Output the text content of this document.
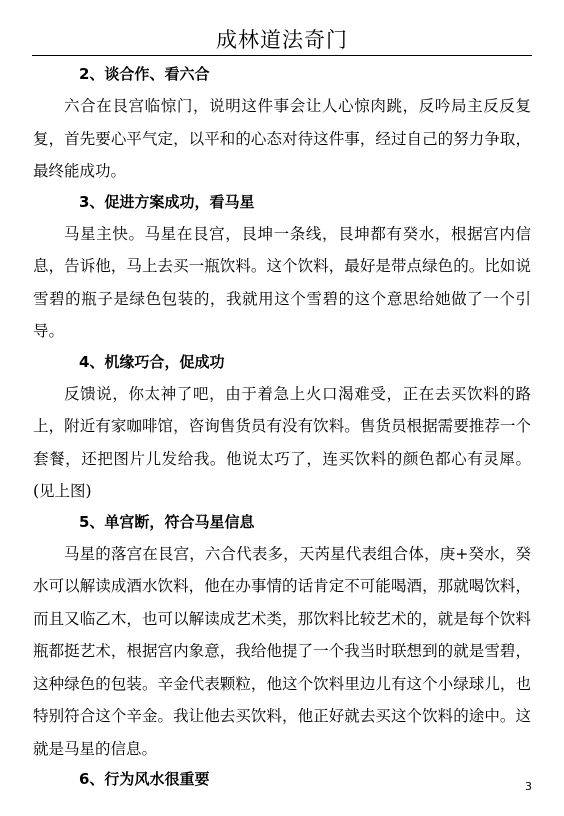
成林道法奇门
2、谈合作、看六合

六合在艮宫临惊门，说明这件事会让人心惊肉跳，反吟局主反反复复，首先要心平气定，以平和的心态对待这件事，经过自己的努力争取，最终能成功。

3、促进方案成功，看马星

马星主快。马星在艮宫，艮坤一条线，艮坤都有癸水，根据宫内信息，告诉他，马上去买一瓶饮料。这个饮料，最好是带点绿色的。比如说雪碧的瓶子是绿色包装的，我就用这个雪碧的这个意思给她做了一个引导。

4、机缘巧合，促成功

反馈说，你太神了吧，由于着急上火口渴难受，正在去买饮料的路上，附近有家咖啡馆，咨询售货员有没有饮料。售货员根据需要推荐一个套餐，还把图片儿发给我。他说太巧了，连买饮料的颜色都心有灵犀。(见上图)

5、单宫断，符合马星信息

马星的落宫在艮宫，六合代表多，天芮星代表组合体，庚+癸水，癸水可以解读成酒水饮料，他在办事情的话肯定不可能喝酒，那就喝饮料，而且又临乙木，也可以解读成艺术类，那饮料比较艺术的，就是每个饮料瓶都挺艺术，根据宫内象意，我给他提了一个我当时联想到的就是雪碧，这种绿色的包装。辛金代表颗粒，他这个饮料里边儿有这个小绿球儿，也特别符合这个辛金。我让他去买饮料，他正好就去买这个饮料的途中。这就是马星的信息。

6、行为风水很重要	3
